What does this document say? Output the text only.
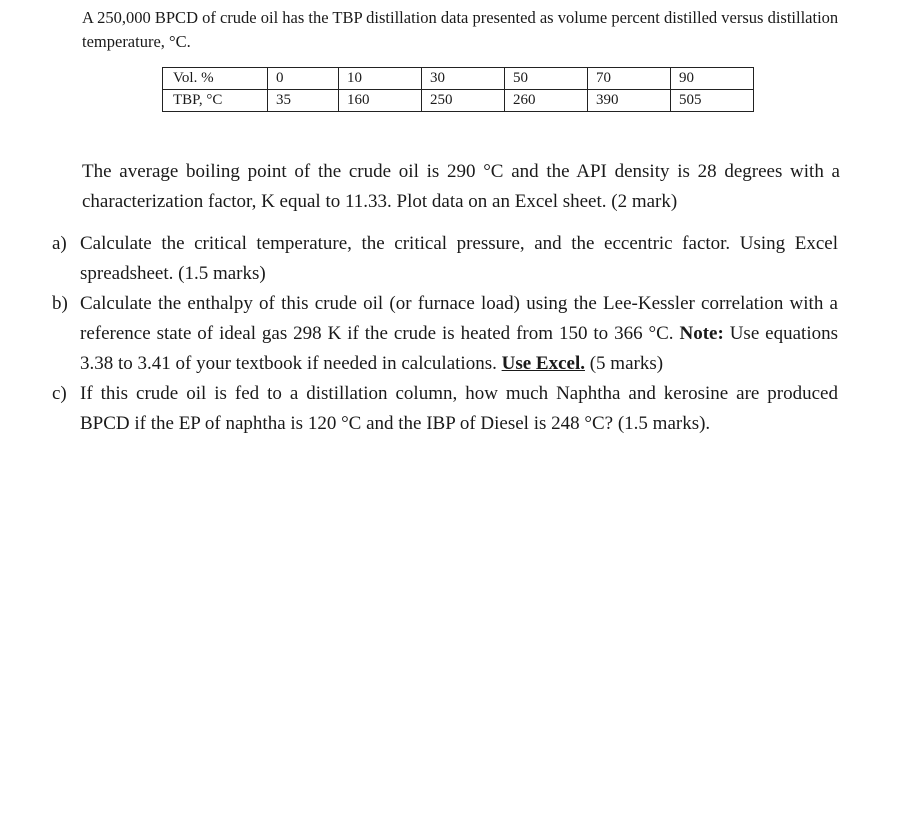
A 250,000 BPCD of crude oil has the TBP distillation data presented as volume percent distilled versus distillation temperature, °C.

Vol. %	0	10	30	50	70	90
TBP, °C	35	160	250	260	390	505

The average boiling point of the crude oil is 290 °C and the API density is 28 degrees with a characterization factor, K equal to 11.33. Plot data on an Excel sheet. (2 mark)

a) Calculate the critical temperature, the critical pressure, and the eccentric factor. Using Excel spreadsheet. (1.5 marks)
b) Calculate the enthalpy of this crude oil (or furnace load) using the Lee-Kessler correlation with a reference state of ideal gas 298 K if the crude is heated from 150 to 366 °C. Note: Use equations 3.38 to 3.41 of your textbook if needed in calculations. Use Excel. (5 marks)
c) If this crude oil is fed to a distillation column, how much Naphtha and kerosine are produced BPCD if the EP of naphtha is 120 °C and the IBP of Diesel is 248 °C? (1.5 marks).
